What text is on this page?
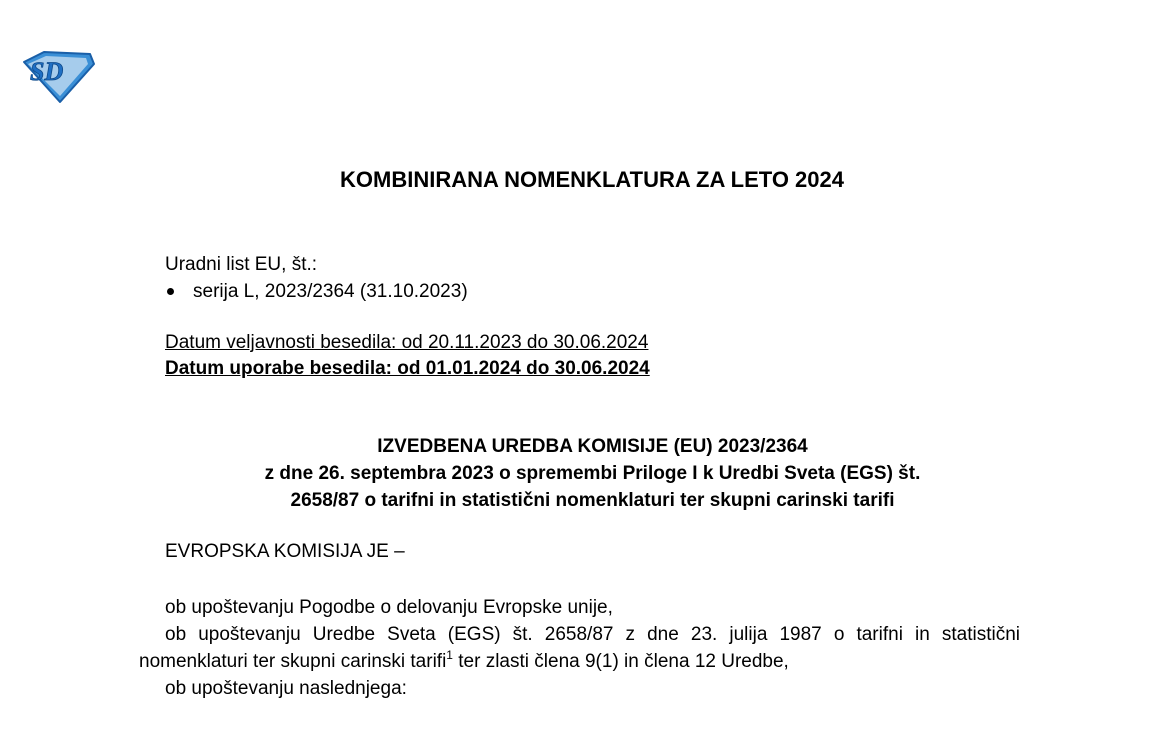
SD
KOMBINIRANA NOMENKLATURA ZA LETO 2024
Uradni list EU, št.:
serija L, 2023/2364 (31.10.2023)
Datum veljavnosti besedila: od 20.11.2023 do 30.06.2024
Datum uporabe besedila: od 01.01.2024 do 30.06.2024
IZVEDBENA UREDBA KOMISIJE (EU) 2023/2364
z dne 26. septembra 2023 o spremembi Priloge I k Uredbi Sveta (EGS) št.
2658/87 o tarifni in statistični nomenklaturi ter skupni carinski tarifi
EVROPSKA KOMISIJA JE –

ob upoštevanju Pogodbe o delovanju Evropske unije,

ob upoštevanju Uredbe Sveta (EGS) št. 2658/87 z dne 23. julija 1987 o tarifni in statistični nomenklaturi ter skupni carinski tarifi$^1$ ter zlasti člena 9(1) in člena 12 Uredbe,

ob upoštevanju naslednjega:
